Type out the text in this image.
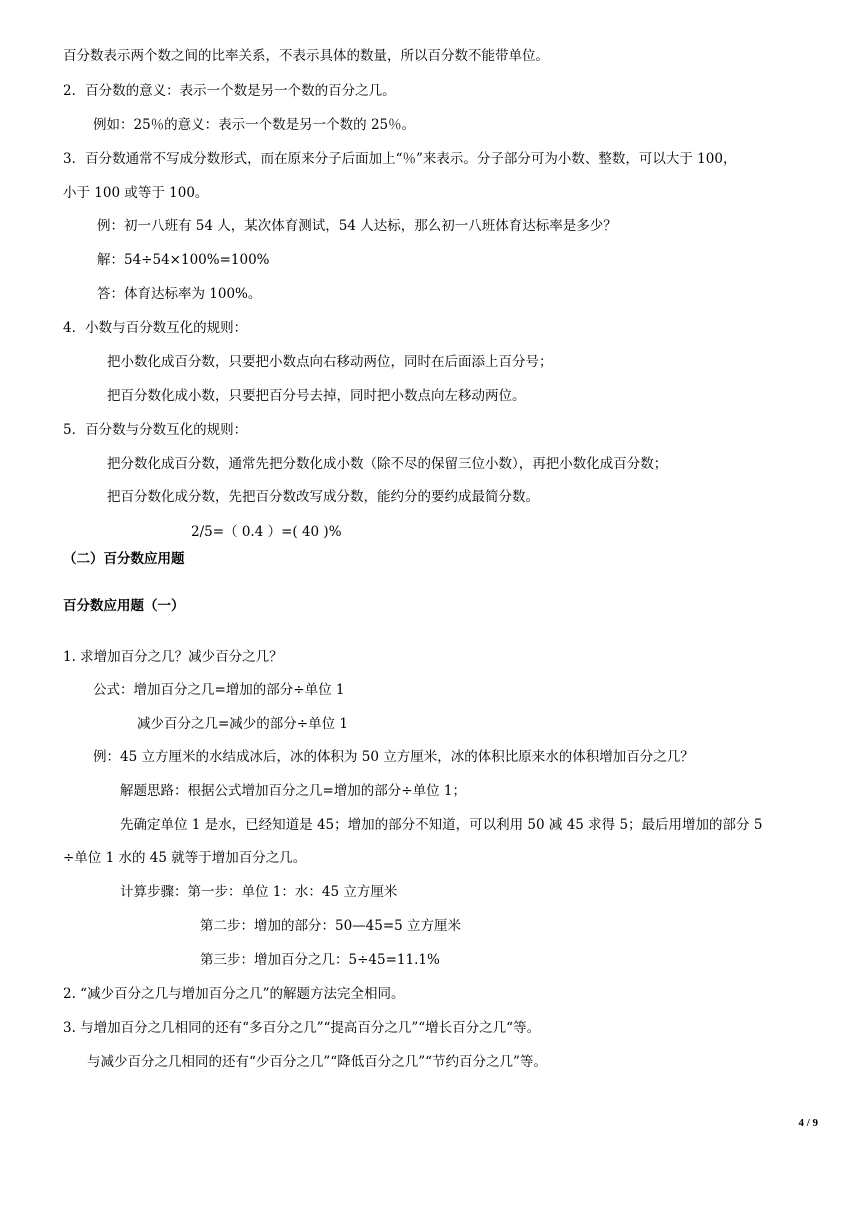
百分数表示两个数之间的比率关系，不表示具体的数量，所以百分数不能带单位。
2．百分数的意义：表示一个数是另一个数的百分之几。
例如：25％的意义：表示一个数是另一个数的 25％。
3．百分数通常不写成分数形式，而在原来分子后面加上“％”来表示。分子部分可为小数、整数，可以大于 100，
小于 100 或等于 100。
例：初一八班有 54 人，某次体育测试，54 人达标，那么初一八班体育达标率是多少？
解：54÷54×100%=100%
答：体育达标率为 100%。
4．小数与百分数互化的规则：
把小数化成百分数，只要把小数点向右移动两位，同时在后面添上百分号；
把百分数化成小数，只要把百分号去掉，同时把小数点向左移动两位。
5．百分数与分数互化的规则：
把分数化成百分数，通常先把分数化成小数（除不尽的保留三位小数），再把小数化成百分数；
把百分数化成分数，先把百分数改写成分数，能约分的要约成最简分数。
2/5=（ 0.4 ）=( 40 )%
（二）百分数应用题
百分数应用题（一）
1. 求增加百分之几？减少百分之几？
公式：增加百分之几=增加的部分÷单位 1
减少百分之几=减少的部分÷单位 1
例：45 立方厘米的水结成冰后，冰的体积为 50 立方厘米，冰的体积比原来水的体积增加百分之几？
解题思路：根据公式增加百分之几=增加的部分÷单位 1；
先确定单位 1 是水，已经知道是 45；增加的部分不知道，可以利用 50 减 45 求得 5；最后用增加的部分 5
÷单位 1 水的 45 就等于增加百分之几。
计算步骤：第一步：单位 1：水：45 立方厘米
第二步：增加的部分：50—45=5 立方厘米
第三步：增加百分之几：5÷45=11.1%
2. “减少百分之几与增加百分之几”的解题方法完全相同。
3. 与增加百分之几相同的还有“多百分之几”“提高百分之几”“增长百分之几“等。
与减少百分之几相同的还有“少百分之几”“降低百分之几”“节约百分之几”等。
4 / 9
